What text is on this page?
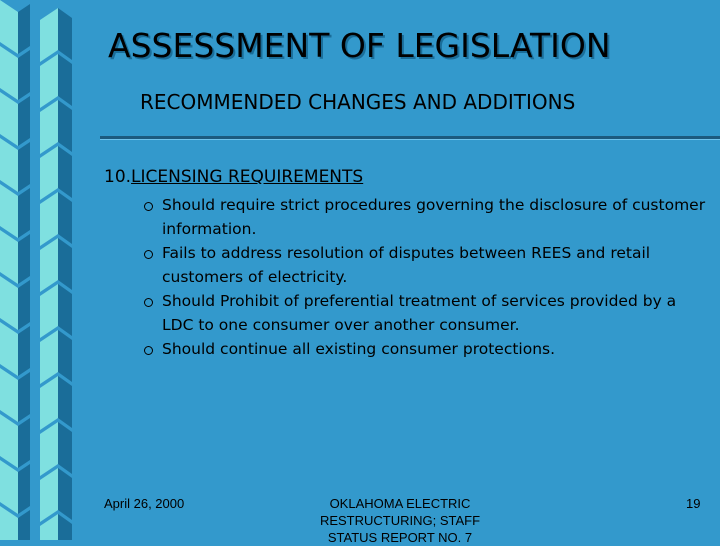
ASSESSMENT OF LEGISLATION
RECOMMENDED CHANGES AND ADDITIONS
10.LICENSING REQUIREMENTS
Should require strict procedures governing the disclosure of customer information.
Fails to address resolution of disputes between REES and retail customers of electricity.
Should Prohibit of preferential treatment of services provided by a LDC to one consumer over another consumer.
Should continue all existing consumer protections.
April 26, 2000	OKLAHOMA ELECTRIC
RESTRUCTURING; STAFF
STATUS REPORT NO. 7
19
